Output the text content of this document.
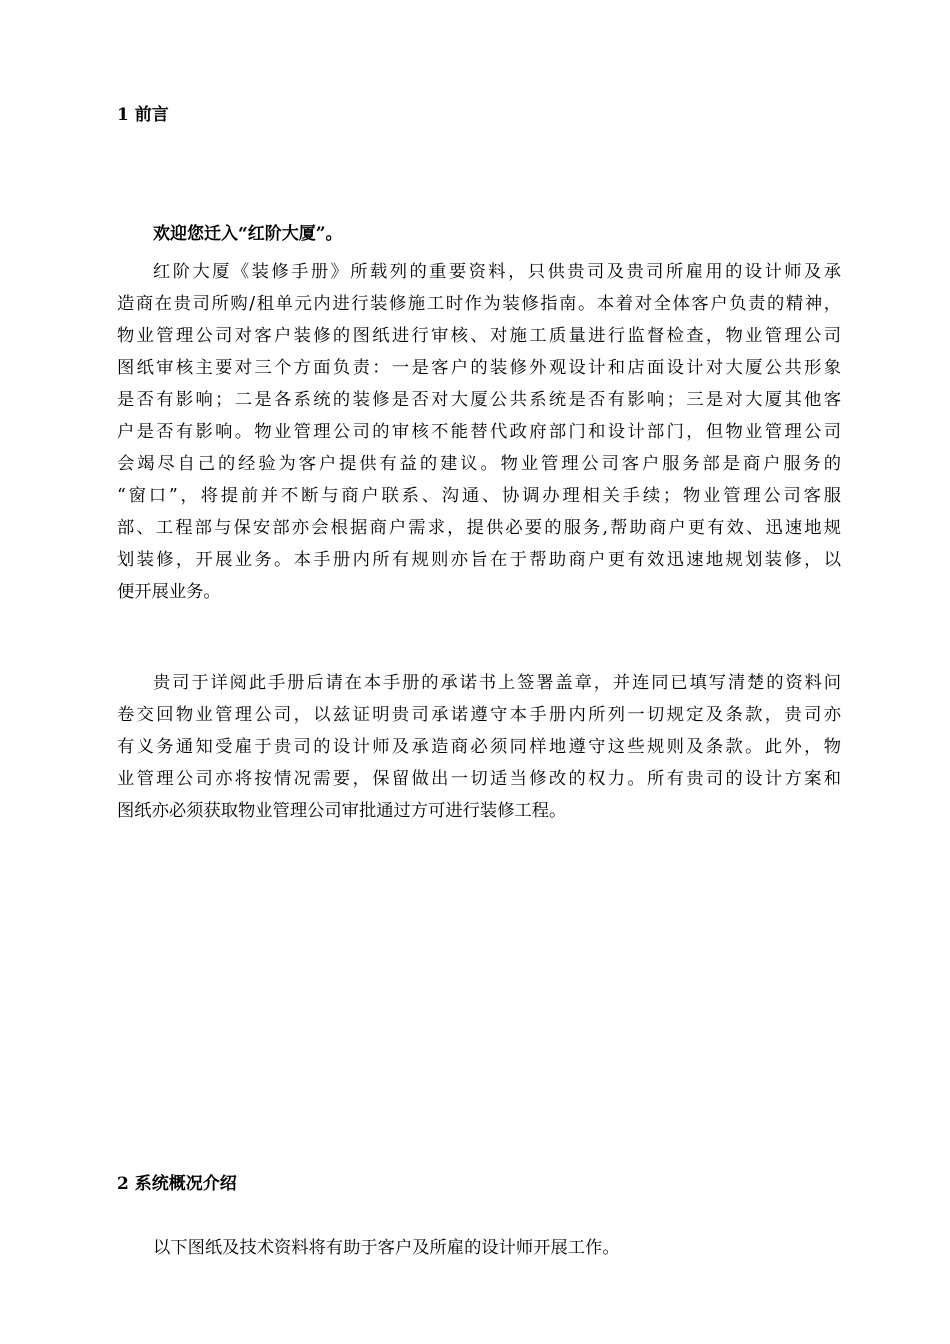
1 前言
欢迎您迁入“红阶大厦”。
红阶大厦《装修手册》所载列的重要资料，只供贵司及贵司所雇用的设计师及承
造商在贵司所购/租单元内进行装修施工时作为装修指南。本着对全体客户负责的精神，
物业管理公司对客户装修的图纸进行审核、对施工质量进行监督检查，物业管理公司
图纸审核主要对三个方面负责：一是客户的装修外观设计和店面设计对大厦公共形象
是否有影响；二是各系统的装修是否对大厦公共系统是否有影响；三是对大厦其他客
户是否有影响。物业管理公司的审核不能替代政府部门和设计部门，但物业管理公司
会竭尽自己的经验为客户提供有益的建议。物业管理公司客户服务部是商户服务的
“窗口”，将提前并不断与商户联系、沟通、协调办理相关手续；物业管理公司客服
部、工程部与保安部亦会根据商户需求，提供必要的服务,帮助商户更有效、迅速地规
划装修，开展业务。本手册内所有规则亦旨在于帮助商户更有效迅速地规划装修，以
便开展业务。
贵司于详阅此手册后请在本手册的承诺书上签署盖章，并连同已填写清楚的资料问
卷交回物业管理公司，以兹证明贵司承诺遵守本手册内所列一切规定及条款，贵司亦
有义务通知受雇于贵司的设计师及承造商必须同样地遵守这些规则及条款。此外，物
业管理公司亦将按情况需要，保留做出一切适当修改的权力。所有贵司的设计方案和
图纸亦必须获取物业管理公司审批通过方可进行装修工程。
2 系统概况介绍
以下图纸及技术资料将有助于客户及所雇的设计师开展工作。
